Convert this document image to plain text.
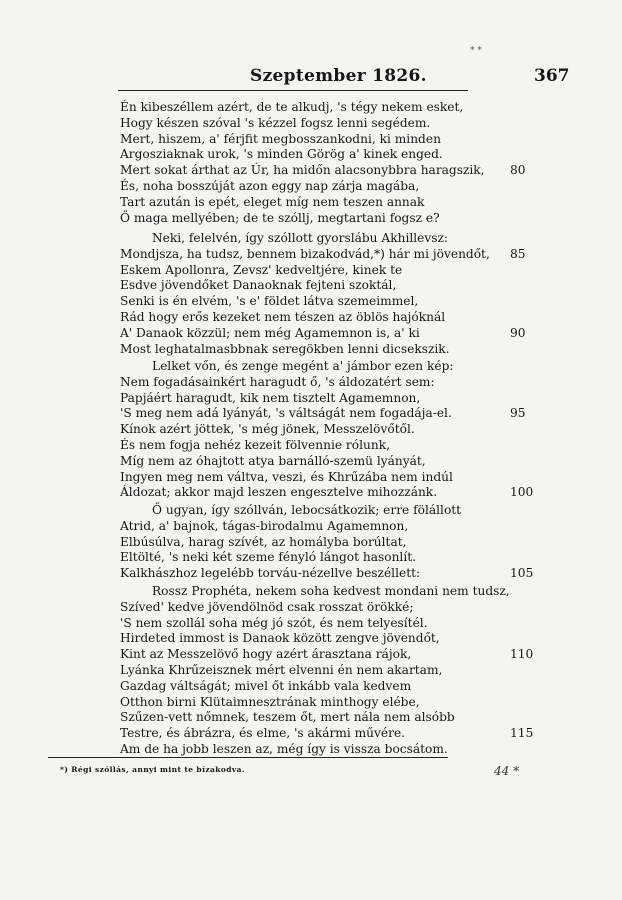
* *
Szeptember 1826.	367
Én kibeszéllem azért, de te alkudj, 's tégy nekem esket,
Hogy készen szóval 's kézzel fogsz lenni segédem.
Mert, hiszem, a' férjfit megbosszankodni, ki minden
Argosziaknak urok, 's minden Görög a' kinek enged.
Mert sokat árthat az Úr, ha midőn alacsonybbra haragszik, 80
És, noha bosszúját azon eggy nap zárja magába,
Tart azután is epét, eleget míg nem teszen annak
Ő maga mellyében; de te szóllj, megtartani fogsz e?
Neki, felelvén, így szóllott gyorslábu Akhillevsz:
Mondjsza, ha tudsz, bennem bizakodvád,*) hár mi jövendőt, 85
Eskem Apollonra, Zevsz' kedveltjére, kinek te
Esdve jövendőket Danaoknak fejteni szoktál,
Senki is én elvém, 's e' földet látva szemeimmel,
Rád hogy erős kezeket nem tészen az öblös hajóknál
A' Danaok közzül; nem még Agamemnon is, a' ki	90
Most leghatalmasbbnak seregökben lenni dicsekszik.
Lelket vőn, és zenge megént a' jámbor ezen kép:
Nem fogadásainkért haragudt ő, 's áldozatért sem:
Papjáért haragudt, kik nem tisztelt Agamemnon,
'S meg nem adá lyányát, 's váltságát nem fogadája-el.	95
Kínok azért jöttek, 's még jönek, Messzelövőtől.
És nem fogja nehéz kezeit fölvennie rólunk,
Míg nem az óhajtott atya barnálló-szemü lyányát,
Ingyen meg nem váltva, veszi, és Khrűzába nem indúl
Áldozat; akkor majd leszen engesztelve mihozzánk.	100
Ő ugyan, így szóllván, lebocsátkozik; erre fölállott
Atrid, a' bajnok, tágas-birodalmu Agamemnon,
Elbúsúlva, harag szívét, az homályba borúltat,
Eltölté, 's neki két szeme fényló lángot hasonlít.
Kalkhászhoz legelébb torváu-nézellve beszéllett:	105
Rossz Prophéta, nekem soha kedvest mondani nem tudsz,
Szíved' kedve jövendölnöd csak rosszat örökké;
'S nem szollál soha még jó szót, és nem telyesítél.
Hirdeted immost is Danaok között zengve jövendőt,
Kint az Messzelövő hogy azért árasztana rájok,	110
Lyánka Khrűzeisznek mért elvenni én nem akartam,
Gazdag váltságát; mivel őt inkább vala kedvem
Otthon birni Klütaimnesztrának minthogy elébe,
Szűzen-vett nőmnek, teszem őt, mert nála nem alsóbb
Testre, és ábrázra, és elme, 's akármi művére.	115
Am de ha jobb leszen az, még így is vissza bocsátom.
*) Régi szóllás, annyi mint te bízakodva.	44 *
